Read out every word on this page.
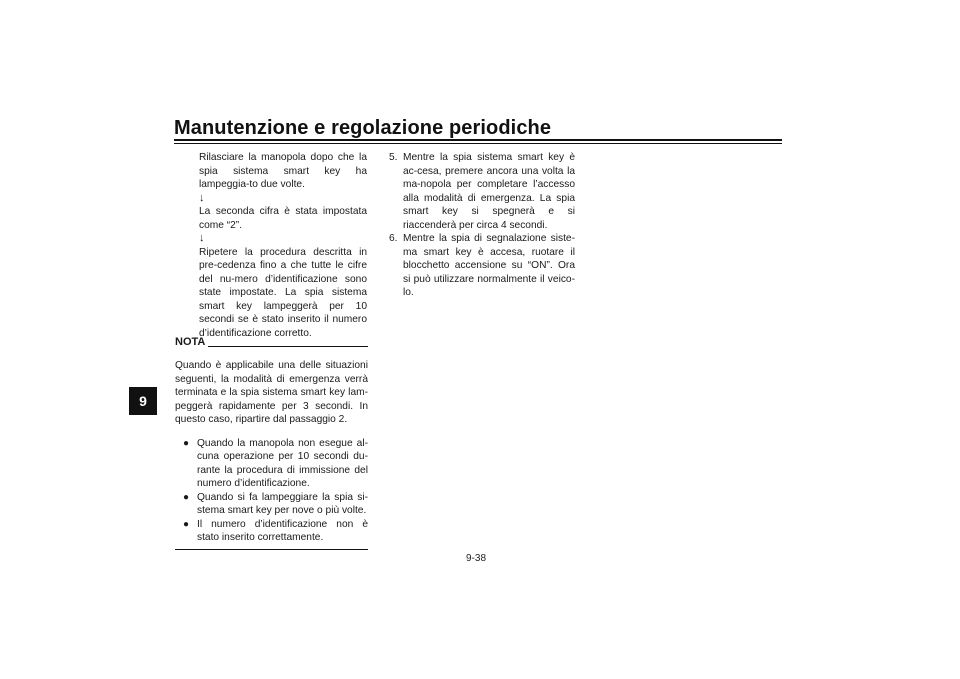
Manutenzione e regolazione periodiche
9

Rilasciare la manopola dopo che la spia sistema smart key ha lampeggia-to due volte.

↓

La seconda cifra è stata impostata come “2”.

↓

Ripetere la procedura descritta in pre-cedenza fino a che tutte le cifre del nu-mero d’identificazione sono state impostate. La spia sistema smart key lampeggerà per 10 secondi se è stato inserito il numero d’identificazione corretto.

NOTA

Quando è applicabile una delle situazioni seguenti, la modalità di emergenza verrà terminata e la spia sistema smart key lam-peggerà rapidamente per 3 secondi. In questo caso, ripartire dal passaggio 2.

● Quando la manopola non esegue al-cuna operazione per 10 secondi du-rante la procedura di immissione del numero d’identificazione.
● Quando si fa lampeggiare la spia si-stema smart key per nove o più volte.
● Il numero d’identificazione non è stato inserito correttamente.
5. Mentre la spia sistema smart key è ac-cesa, premere ancora una volta la ma-nopola per completare l’accesso alla modalità di emergenza. La spia smart key si spegnerà e si riaccenderà per circa 4 secondi.
6. Mentre la spia di segnalazione siste-ma smart key è accesa, ruotare il blocchetto accensione su “ON”. Ora si può utilizzare normalmente il veico-lo.
9-38
